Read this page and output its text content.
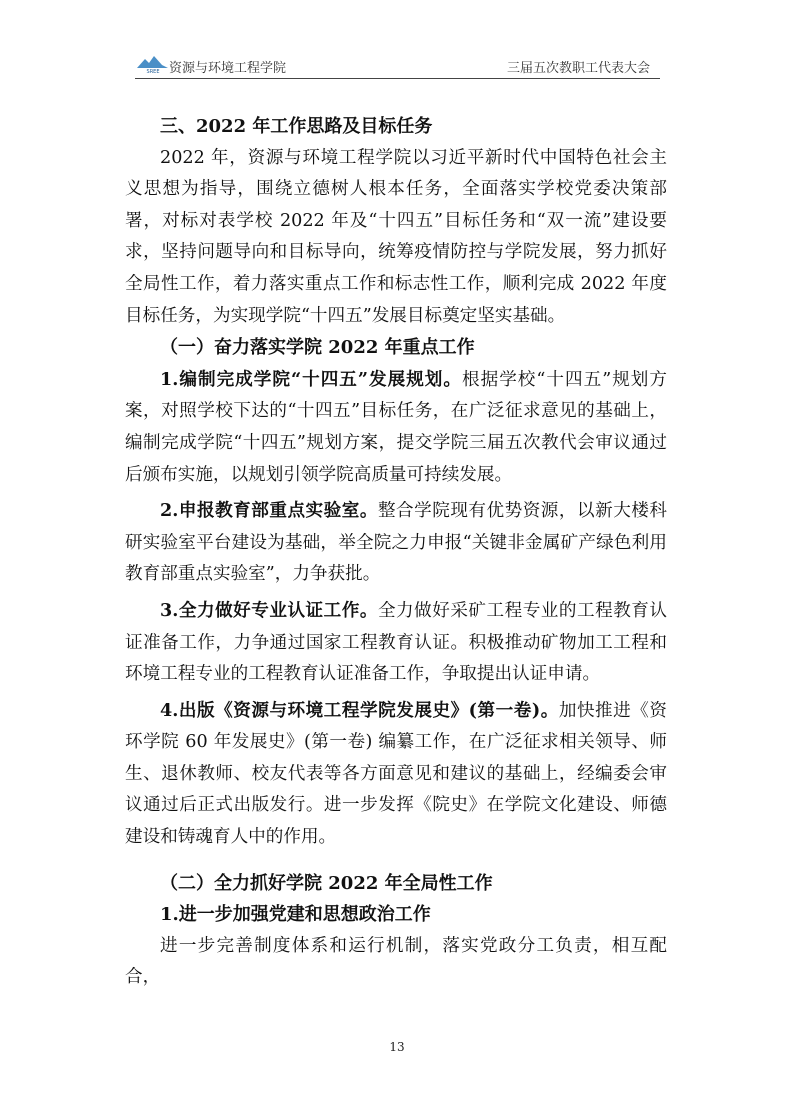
SREE 资源与环境工程学院	三届五次教职工代表大会
三、2022 年工作思路及目标任务

2022 年，资源与环境工程学院以习近平新时代中国特色社会主义思想为指导，围绕立德树人根本任务，全面落实学校党委决策部署，对标对表学校 2022 年及“十四五”目标任务和“双一流”建设要求，坚持问题导向和目标导向，统筹疫情防控与学院发展，努力抓好全局性工作，着力落实重点工作和标志性工作，顺利完成 2022 年度目标任务，为实现学院“十四五”发展目标奠定坚实基础。

（一）奋力落实学院 2022 年重点工作

1.编制完成学院“十四五”发展规划。根据学校“十四五”规划方案，对照学校下达的“十四五”目标任务，在广泛征求意见的基础上，编制完成学院“十四五”规划方案，提交学院三届五次教代会审议通过后颁布实施，以规划引领学院高质量可持续发展。

2.申报教育部重点实验室。整合学院现有优势资源，以新大楼科研实验室平台建设为基础，举全院之力申报“关键非金属矿产绿色利用教育部重点实验室”，力争获批。

3.全力做好专业认证工作。全力做好采矿工程专业的工程教育认证准备工作，力争通过国家工程教育认证。积极推动矿物加工工程和环境工程专业的工程教育认证准备工作，争取提出认证申请。

4.出版《资源与环境工程学院发展史》(第一卷)。加快推进《资环学院 60 年发展史》(第一卷) 编纂工作，在广泛征求相关领导、师生、退休教师、校友代表等各方面意见和建议的基础上，经编委会审议通过后正式出版发行。进一步发挥《院史》在学院文化建设、师德建设和铸魂育人中的作用。

（二）全力抓好学院 2022 年全局性工作
1.进一步加强党建和思想政治工作

进一步完善制度体系和运行机制，落实党政分工负责，相互配合，

13
